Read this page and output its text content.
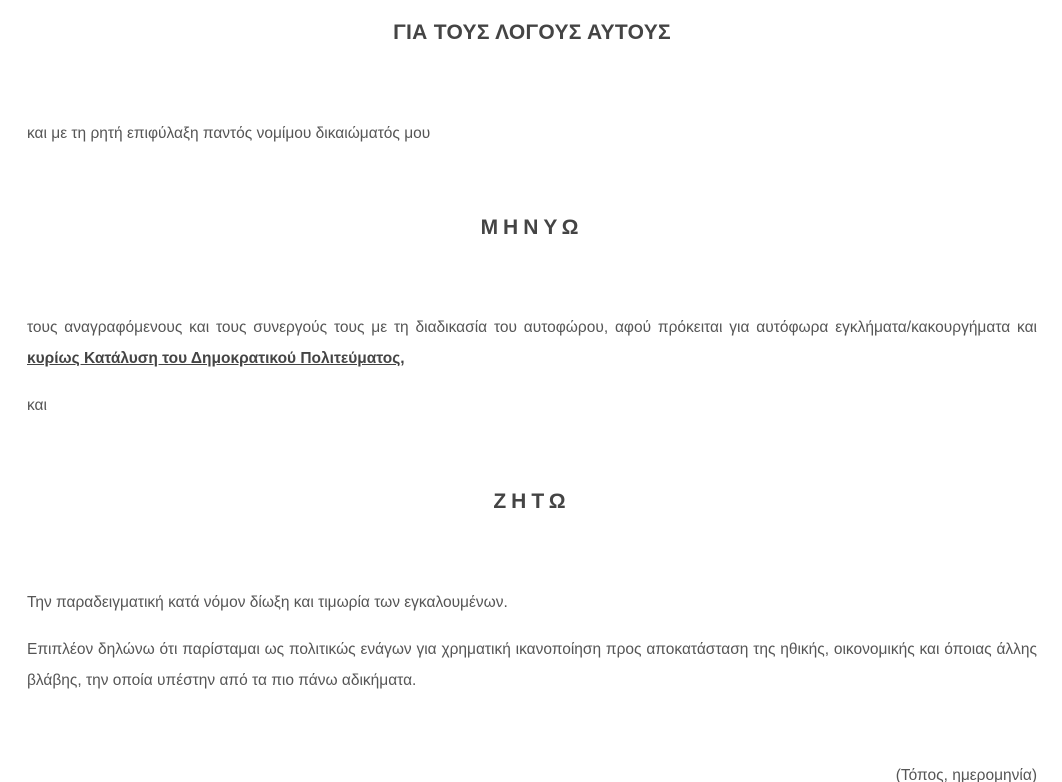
ΓΙΑ ΤΟΥΣ ΛΟΓΟΥΣ ΑΥΤΟΥΣ

και με τη ρητή επιφύλαξη παντός νομίμου δικαιώματός μου

ΜΗΝΥΩ

τους αναγραφόμενους και τους συνεργούς τους με τη διαδικασία του αυτοφώρου, αφού πρόκειται για αυτόφωρα εγκλήματα/κακουργήματα και κυρίως Κατάλυση του Δημοκρατικού Πολιτεύματος,

και

ΖΗΤΩ

Την παραδειγματική κατά νόμον δίωξη και τιμωρία των εγκαλουμένων.

Επιπλέον δηλώνω ότι παρίσταμαι ως πολιτικώς ενάγων για χρηματική ικανοποίηση προς αποκατάσταση της ηθικής, οικονομικής και όποιας άλλης βλάβης, την οποία υπέστην από τα πιο πάνω αδικήματα.

(Τόπος, ημερομηνία)
